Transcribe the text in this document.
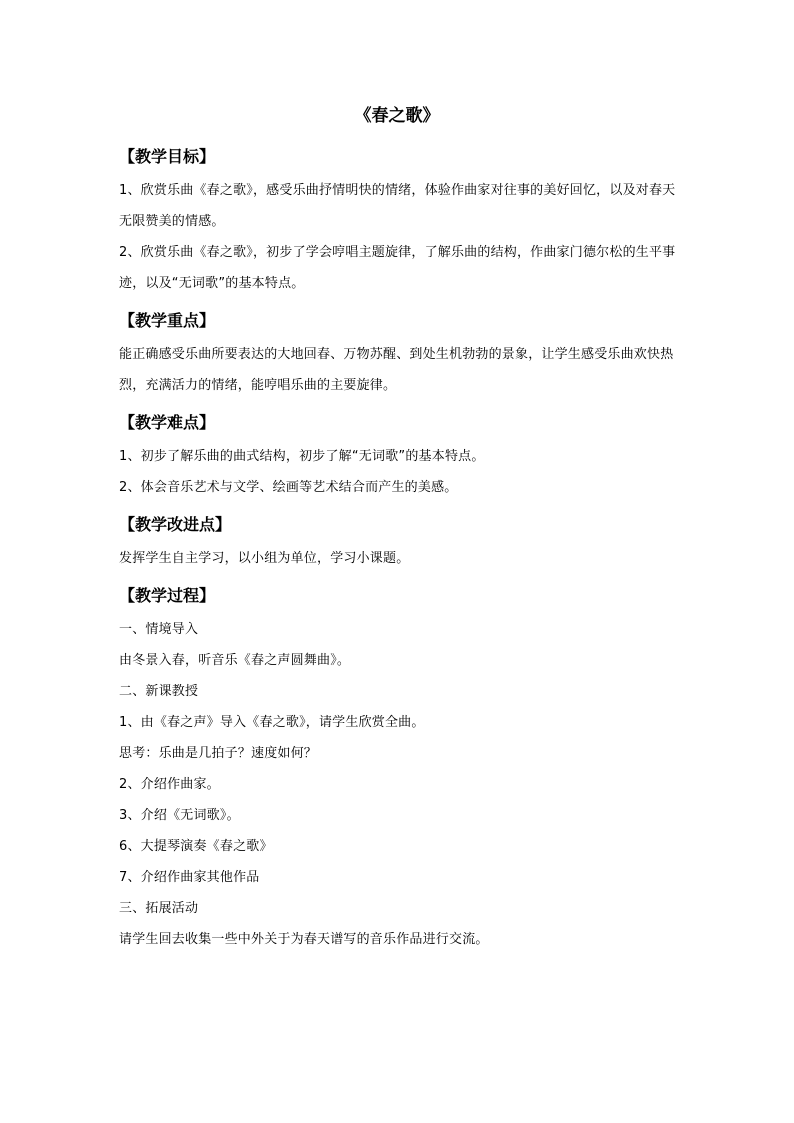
《春之歌》
【教学目标】

1、欣赏乐曲《春之歌》，感受乐曲抒情明快的情绪，体验作曲家对往事的美好回忆，以及对春天无限赞美的情感。

2、欣赏乐曲《春之歌》，初步了学会哼唱主题旋律，了解乐曲的结构，作曲家门德尔松的生平事迹，以及“无词歌”的基本特点。

【教学重点】

能正确感受乐曲所要表达的大地回春、万物苏醒、到处生机勃勃的景象，让学生感受乐曲欢快热烈，充满活力的情绪，能哼唱乐曲的主要旋律。

【教学难点】

1、初步了解乐曲的曲式结构，初步了解“无词歌”的基本特点。

2、体会音乐艺术与文学、绘画等艺术结合而产生的美感。

【教学改进点】

发挥学生自主学习，以小组为单位，学习小课题。

【教学过程】

一、情境导入

由冬景入春，听音乐《春之声圆舞曲》。

二、新课教授

1、由《春之声》导入《春之歌》，请学生欣赏全曲。

思考：乐曲是几拍子？速度如何？

2、介绍作曲家。

3、介绍《无词歌》。

6、大提琴演奏《春之歌》

7、介绍作曲家其他作品

三、拓展活动

请学生回去收集一些中外关于为春天谱写的音乐作品进行交流。
